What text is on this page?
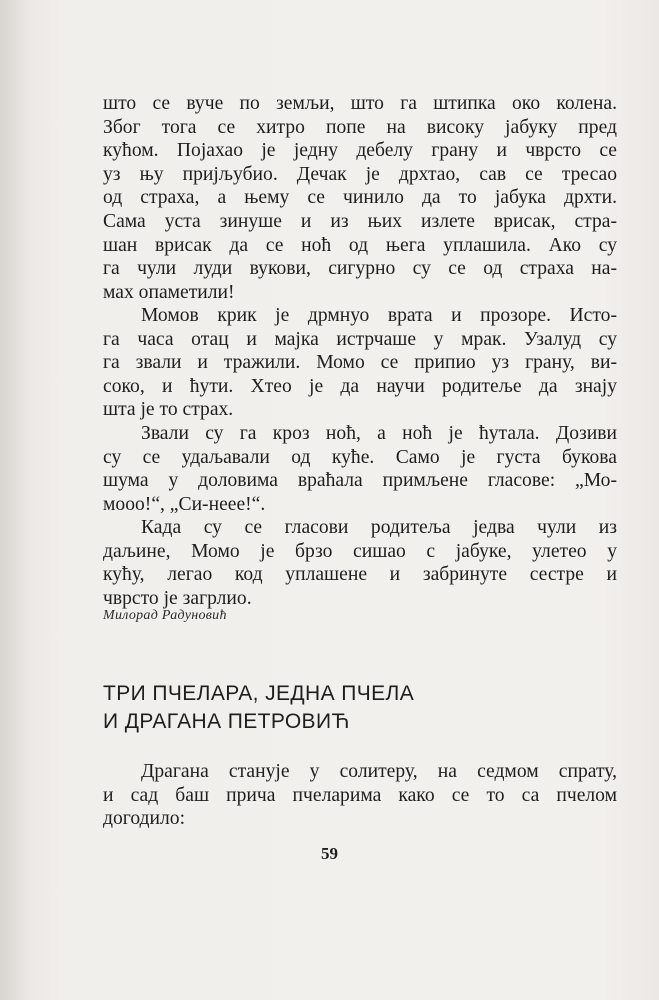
што се вуче по земљи, што га штипка око колена.
Због тога се хитро попе на високу јабуку пред
кућом. Појахао је једну дебелу грану и чврсто се
уз њу пријљубио. Дечак је дрхтао, сав се тресао
од страха, а њему се чинило да то јабука дрхти.
Сама уста зинуше и из њих излете врисак, стра-
шан врисак да се ноћ од њега уплашила. Ако су
га чули луди вукови, сигурно су се од страха на-
мах опаметили!
Момов крик је дрмнуо врата и прозоре. Исто-
га часа отац и мајка истрчаше у мрак. Узалуд су
га звали и тражили. Момо се припио уз грану, ви-
соко, и ћути. Хтео је да научи родитеље да знају
шта је то страх.
Звали су га кроз ноћ, а ноћ је ћутала. Дозиви
су се удаљавали од куће. Само је густа букова
шума у доловима враћала примљене гласове: „Мо-
мооо!“, „Си-нeee!“.
Када су се гласови родитеља једва чули из
даљине, Момо је брзо сишао с јабуке, улетео у
кућу, легао код уплашене и забринуте сестре и
чврсто је загрлио.
Милорад Радуновић
ТРИ ПЧЕЛАРА, ЈЕДНА ПЧЕЛА
И ДРАГАНА ПЕТРОВИЋ
Драгана станује у солитеру, на седмом спрату,
и сад баш прича пчеларима како се то са пчелом
догодило:
59
